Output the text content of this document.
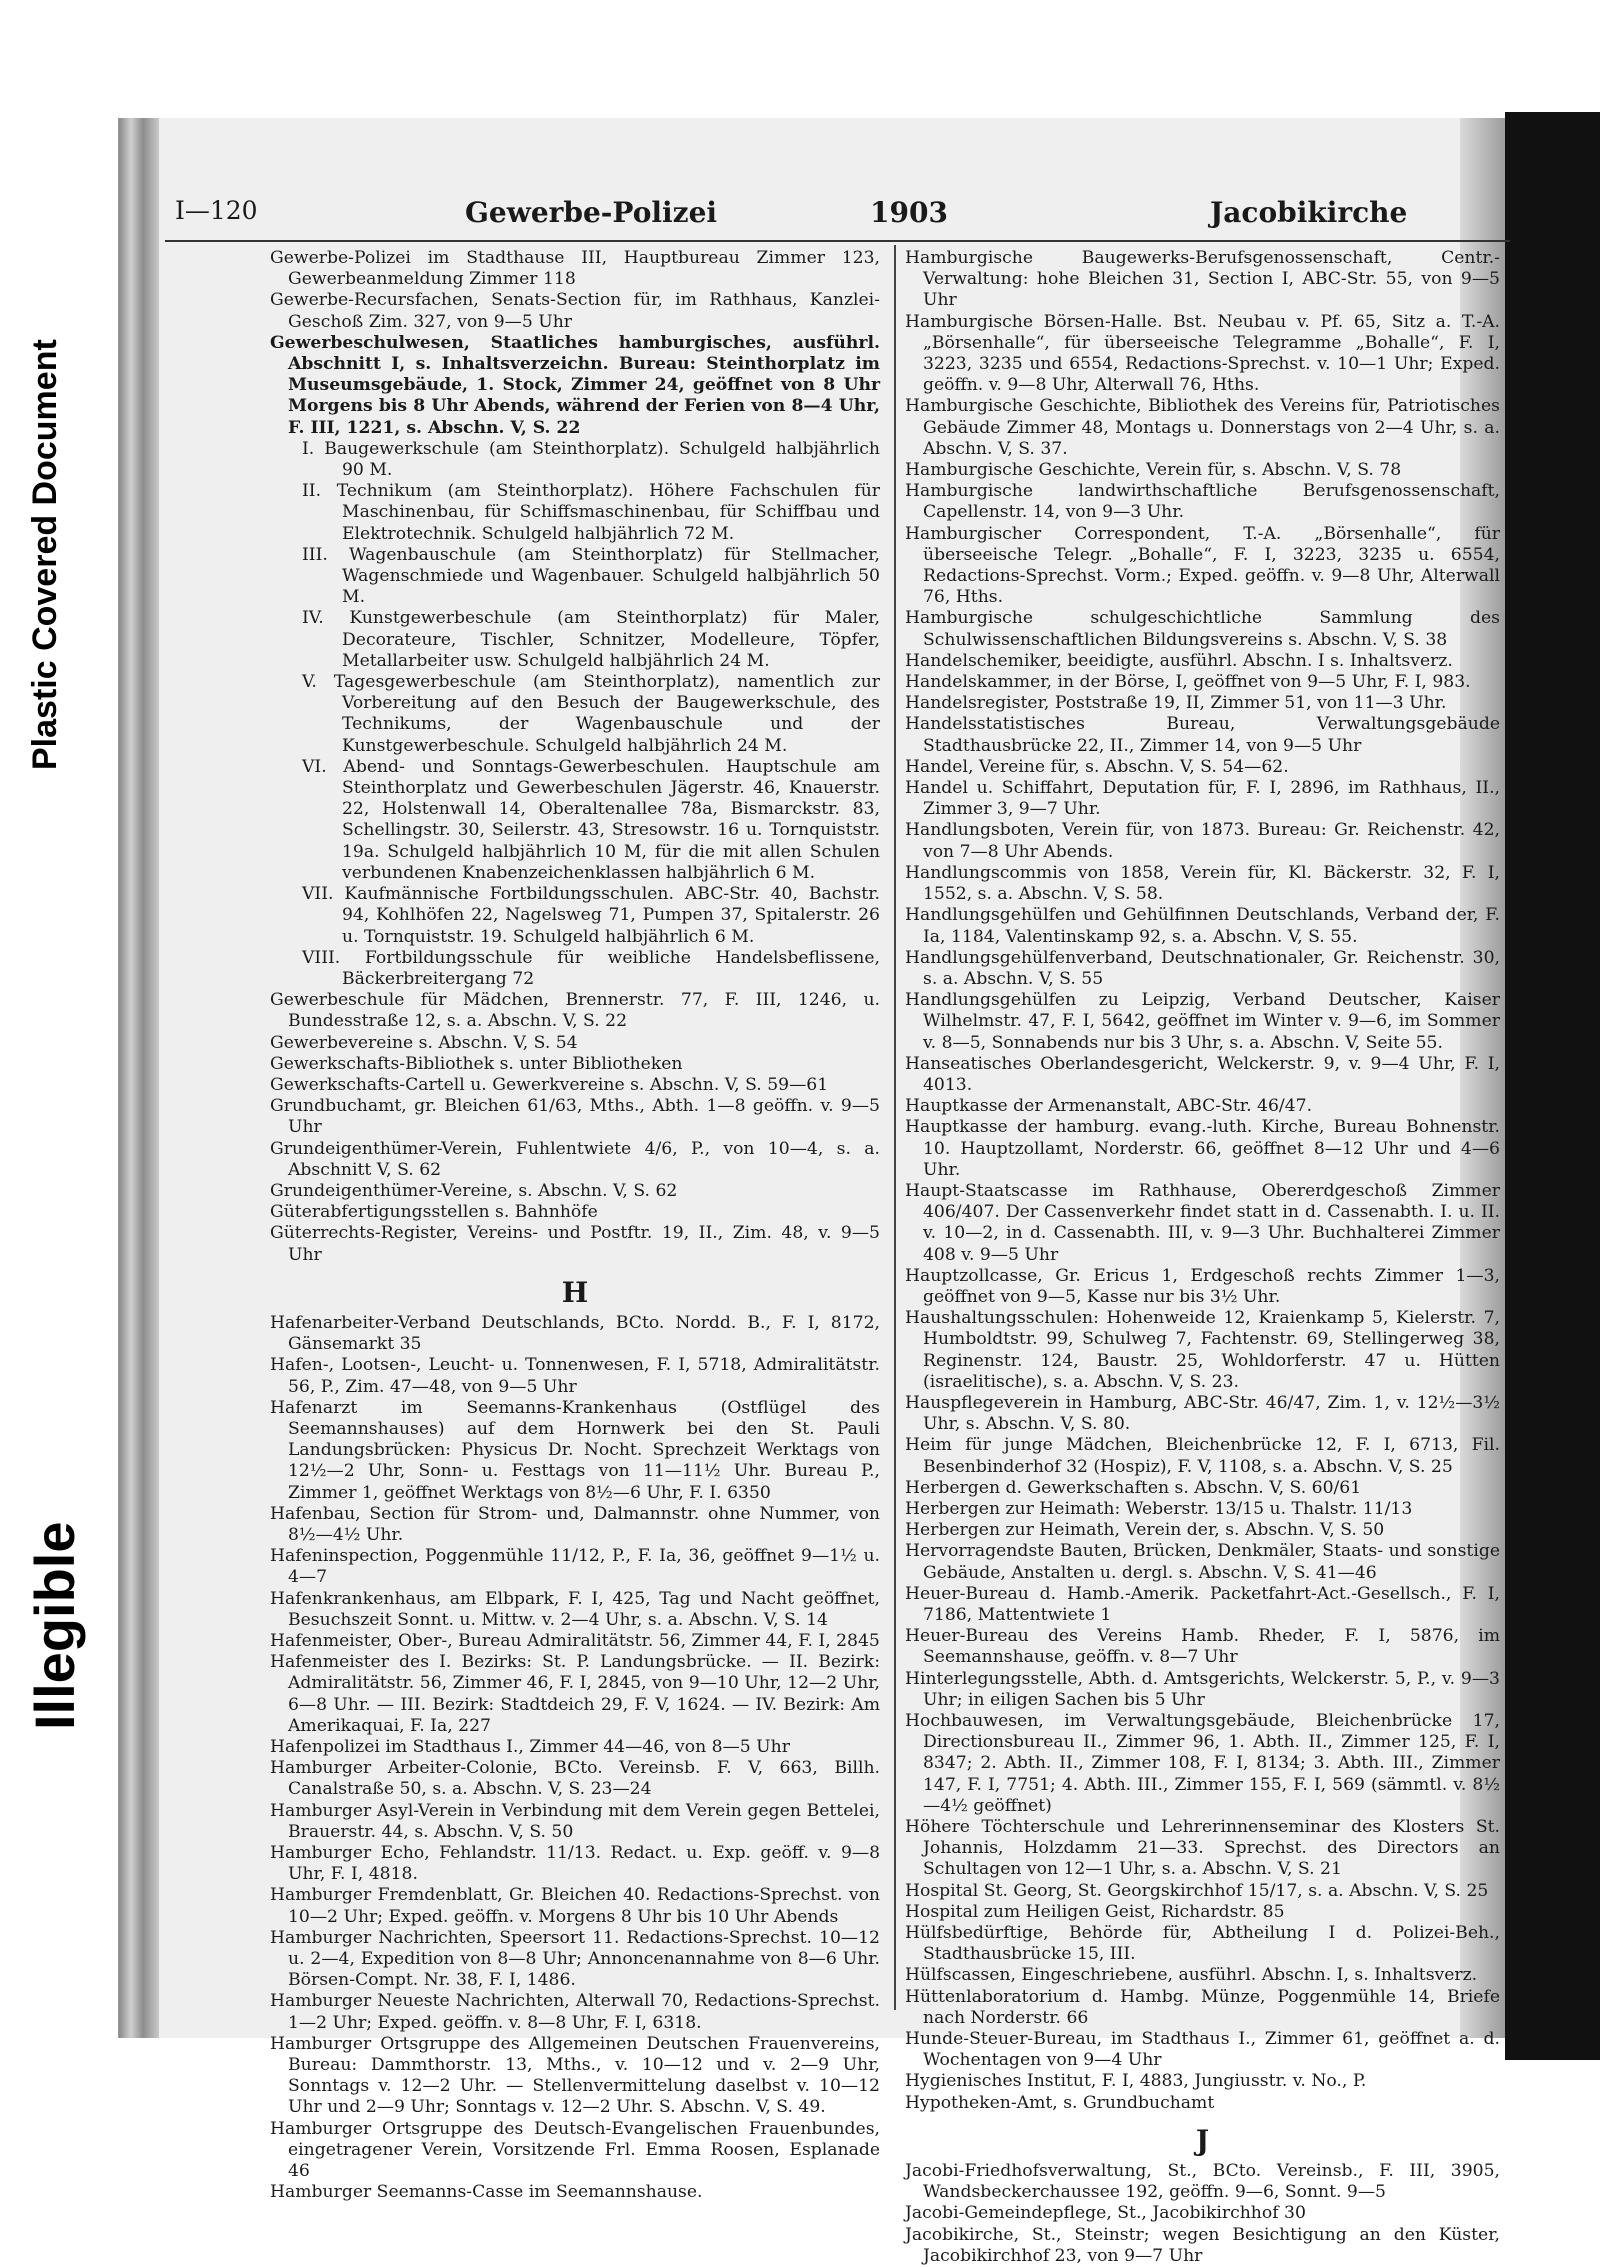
Plastic Covered Document
Illegible
I—120	Gewerbe-Polizei	1903	Jacobikirche

Gewerbe-Polizei im Stadthause III, Hauptbureau Zimmer 123, Gewerbeanmeldung Zimmer 118

Gewerbe-Recursfachen, Senats-Section für, im Rathhaus, Kanzlei-Geschoß Zim. 327, von 9—5 Uhr

Gewerbeschulwesen, Staatliches hamburgisches, ausführl. Abschnitt I, s. Inhaltsverzeichn. Bureau: Steinthorplatz im Museumsgebäude, 1. Stock, Zimmer 24, geöffnet von 8 Uhr Morgens bis 8 Uhr Abends, während der Ferien von 8—4 Uhr, F. III, 1221, s. Abschn. V, S. 22

I. Baugewerkschule (am Steinthorplatz). Schulgeld halbjährlich 90 M.

II. Technikum (am Steinthorplatz). Höhere Fachschulen für Maschinenbau, für Schiffsmaschinenbau, für Schiffbau und Elektrotechnik. Schulgeld halbjährlich 72 M.

III. Wagenbauschule (am Steinthorplatz) für Stellmacher, Wagenschmiede und Wagenbauer. Schulgeld halbjährlich 50 M.

IV. Kunstgewerbeschule (am Steinthorplatz) für Maler, Decorateure, Tischler, Schnitzer, Modelleure, Töpfer, Metallarbeiter usw. Schulgeld halbjährlich 24 M.

V. Tagesgewerbeschule (am Steinthorplatz), namentlich zur Vorbereitung auf den Besuch der Baugewerkschule, des Technikums, der Wagenbauschule und der Kunstgewerbeschule. Schulgeld halbjährlich 24 M.

VI. Abend- und Sonntags-Gewerbeschulen. Hauptschule am Steinthorplatz und Gewerbeschulen Jägerstr. 46, Knauerstr. 22, Holstenwall 14, Oberaltenallee 78a, Bismarckstr. 83, Schellingstr. 30, Seilerstr. 43, Stresowstr. 16 u. Tornquiststr. 19a. Schulgeld halbjährlich 10 M, für die mit allen Schulen verbundenen Knabenzeichenklassen halbjährlich 6 M.

VII. Kaufmännische Fortbildungsschulen. ABC-Str. 40, Bachstr. 94, Kohlhöfen 22, Nagelsweg 71, Pumpen 37, Spitalerstr. 26 u. Tornquiststr. 19. Schulgeld halbjährlich 6 M.

VIII. Fortbildungsschule für weibliche Handelsbeflissene, Bäckerbreitergang 72

Gewerbeschule für Mädchen, Brennerstr. 77, F. III, 1246, u. Bundesstraße 12, s. a. Abschn. V, S. 22

Gewerbevereine s. Abschn. V, S. 54

Gewerkschafts-Bibliothek s. unter Bibliotheken

Gewerkschafts-Cartell u. Gewerkvereine s. Abschn. V, S. 59—61

Grundbuchamt, gr. Bleichen 61/63, Mths., Abth. 1—8 geöffn. v. 9—5 Uhr

Grundeigenthümer-Verein, Fuhlentwiete 4/6, P., von 10—4, s. a. Abschnitt V, S. 62

Grundeigenthümer-Vereine, s. Abschn. V, S. 62

Güterabfertigungsstellen s. Bahnhöfe

Güterrechts-Register, Vereins- und Postftr. 19, II., Zim. 48, v. 9—5 Uhr

H

Hafenarbeiter-Verband Deutschlands, BCto. Nordd. B., F. I, 8172, Gänsemarkt 35

Hafen-, Lootsen-, Leucht- u. Tonnenwesen, F. I, 5718, Admiralitätstr. 56, P., Zim. 47—48, von 9—5 Uhr

Hafenarzt im Seemanns-Krankenhaus (Ostflügel des Seemannshauses) auf dem Hornwerk bei den St. Pauli Landungsbrücken: Physicus Dr. Nocht. Sprechzeit Werktags von 12½—2 Uhr, Sonn- u. Festtags von 11—11½ Uhr. Bureau P., Zimmer 1, geöffnet Werktags von 8½—6 Uhr, F. I. 6350

Hafenbau, Section für Strom- und, Dalmannstr. ohne Nummer, von 8½—4½ Uhr.

Hafeninspection, Poggenmühle 11/12, P., F. Ia, 36, geöffnet 9—1½ u. 4—7

Hafenkrankenhaus, am Elbpark, F. I, 425, Tag und Nacht geöffnet, Besuchszeit Sonnt. u. Mittw. v. 2—4 Uhr, s. a. Abschn. V, S. 14

Hafenmeister, Ober-, Bureau Admiralitätstr. 56, Zimmer 44, F. I, 2845

Hafenmeister des I. Bezirks: St. P. Landungsbrücke. — II. Bezirk: Admiralitätstr. 56, Zimmer 46, F. I, 2845, von 9—10 Uhr, 12—2 Uhr, 6—8 Uhr. — III. Bezirk: Stadtdeich 29, F. V, 1624. — IV. Bezirk: Am Amerikaquai, F. Ia, 227

Hafenpolizei im Stadthaus I., Zimmer 44—46, von 8—5 Uhr

Hamburger Arbeiter-Colonie, BCto. Vereinsb. F. V, 663, Billh. Canalstraße 50, s. a. Abschn. V, S. 23—24

Hamburger Asyl-Verein in Verbindung mit dem Verein gegen Bettelei, Brauerstr. 44, s. Abschn. V, S. 50

Hamburger Echo, Fehlandstr. 11/13. Redact. u. Exp. geöff. v. 9—8 Uhr, F. I, 4818.

Hamburger Fremdenblatt, Gr. Bleichen 40. Redactions-Sprechst. von 10—2 Uhr; Exped. geöffn. v. Morgens 8 Uhr bis 10 Uhr Abends

Hamburger Nachrichten, Speersort 11. Redactions-Sprechst. 10—12 u. 2—4, Expedition von 8—8 Uhr; Annoncenannahme von 8—6 Uhr. Börsen-Compt. Nr. 38, F. I, 1486.

Hamburger Neueste Nachrichten, Alterwall 70, Redactions-Sprechst. 1—2 Uhr; Exped. geöffn. v. 8—8 Uhr, F. I, 6318.

Hamburger Ortsgruppe des Allgemeinen Deutschen Frauenvereins, Bureau: Dammthorstr. 13, Mths., v. 10—12 und v. 2—9 Uhr, Sonntags v. 12—2 Uhr. — Stellenvermittelung daselbst v. 10—12 Uhr und 2—9 Uhr; Sonntags v. 12—2 Uhr. S. Abschn. V, S. 49.

Hamburger Ortsgruppe des Deutsch-Evangelischen Frauenbundes, eingetragener Verein, Vorsitzende Frl. Emma Roosen, Esplanade 46

Hamburger Seemanns-Casse im Seemannshause.

Hamburgische Baugewerks-Berufsgenossenschaft, Centr.-Verwaltung: hohe Bleichen 31, Section I, ABC-Str. 55, von 9—5 Uhr

Hamburgische Börsen-Halle. Bst. Neubau v. Pf. 65, Sitz a. T.-A. „Börsenhalle“, für überseeische Telegramme „Bohalle“, F. I, 3223, 3235 und 6554, Redactions-Sprechst. v. 10—1 Uhr; Exped. geöffn. v. 9—8 Uhr, Alterwall 76, Hths.

Hamburgische Geschichte, Bibliothek des Vereins für, Patriotisches Gebäude Zimmer 48, Montags u. Donnerstags von 2—4 Uhr, s. a. Abschn. V, S. 37.

Hamburgische Geschichte, Verein für, s. Abschn. V, S. 78

Hamburgische landwirthschaftliche Berufsgenossenschaft, Capellenstr. 14, von 9—3 Uhr.

Hamburgischer Correspondent, T.-A. „Börsenhalle“, für überseeische Telegr. „Bohalle“, F. I, 3223, 3235 u. 6554, Redactions-Sprechst. Vorm.; Exped. geöffn. v. 9—8 Uhr, Alterwall 76, Hths.

Hamburgische schulgeschichtliche Sammlung des Schulwissenschaftlichen Bildungsvereins s. Abschn. V, S. 38

Handelschemiker, beeidigte, ausführl. Abschn. I s. Inhaltsverz.

Handelskammer, in der Börse, I, geöffnet von 9—5 Uhr, F. I, 983.

Handelsregister, Poststraße 19, II, Zimmer 51, von 11—3 Uhr.

Handelsstatistisches Bureau, Verwaltungsgebäude Stadthausbrücke 22, II., Zimmer 14, von 9—5 Uhr

Handel, Vereine für, s. Abschn. V, S. 54—62.

Handel u. Schiffahrt, Deputation für, F. I, 2896, im Rathhaus, II., Zimmer 3, 9—7 Uhr.

Handlungsboten, Verein für, von 1873. Bureau: Gr. Reichenstr. 42, von 7—8 Uhr Abends.

Handlungscommis von 1858, Verein für, Kl. Bäckerstr. 32, F. I, 1552, s. a. Abschn. V, S. 58.

Handlungsgehülfen und Gehülfinnen Deutschlands, Verband der, F. Ia, 1184, Valentinskamp 92, s. a. Abschn. V, S. 55.

Handlungsgehülfenverband, Deutschnationaler, Gr. Reichenstr. 30, s. a. Abschn. V, S. 55

Handlungsgehülfen zu Leipzig, Verband Deutscher, Kaiser Wilhelmstr. 47, F. I, 5642, geöffnet im Winter v. 9—6, im Sommer v. 8—5, Sonnabends nur bis 3 Uhr, s. a. Abschn. V, Seite 55.

Hanseatisches Oberlandesgericht, Welckerstr. 9, v. 9—4 Uhr, F. I, 4013.

Hauptkasse der Armenanstalt, ABC-Str. 46/47.

Hauptkasse der hamburg. evang.-luth. Kirche, Bureau Bohnenstr. 10. Hauptzollamt, Norderstr. 66, geöffnet 8—12 Uhr und 4—6 Uhr.

Haupt-Staatscasse im Rathhause, Obererdgeschoß Zimmer 406/407. Der Cassenverkehr findet statt in d. Cassenabth. I. u. II. v. 10—2, in d. Cassenabth. III, v. 9—3 Uhr. Buchhalterei Zimmer 408 v. 9—5 Uhr

Hauptzollcasse, Gr. Ericus 1, Erdgeschoß rechts Zimmer 1—3, geöffnet von 9—5, Kasse nur bis 3½ Uhr.

Haushaltungsschulen: Hohenweide 12, Kraienkamp 5, Kielerstr. 7, Humboldtstr. 99, Schulweg 7, Fachtenstr. 69, Stellingerweg 38, Reginenstr. 124, Baustr. 25, Wohldorferstr. 47 u. Hütten (israelitische), s. a. Abschn. V, S. 23.

Hauspflegeverein in Hamburg, ABC-Str. 46/47, Zim. 1, v. 12½—3½ Uhr, s. Abschn. V, S. 80.

Heim für junge Mädchen, Bleichenbrücke 12, F. I, 6713, Fil. Besenbinderhof 32 (Hospiz), F. V, 1108, s. a. Abschn. V, S. 25

Herbergen d. Gewerkschaften s. Abschn. V, S. 60/61

Herbergen zur Heimath: Weberstr. 13/15 u. Thalstr. 11/13

Herbergen zur Heimath, Verein der, s. Abschn. V, S. 50

Hervorragendste Bauten, Brücken, Denkmäler, Staats- und sonstige Gebäude, Anstalten u. dergl. s. Abschn. V, S. 41—46

Heuer-Bureau d. Hamb.-Amerik. Packetfahrt-Act.-Gesellsch., F. I, 7186, Mattentwiete 1

Heuer-Bureau des Vereins Hamb. Rheder, F. I, 5876, im Seemannshause, geöffn. v. 8—7 Uhr

Hinterlegungsstelle, Abth. d. Amtsgerichts, Welckerstr. 5, P., v. 9—3 Uhr; in eiligen Sachen bis 5 Uhr

Hochbauwesen, im Verwaltungsgebäude, Bleichenbrücke 17, Directionsbureau II., Zimmer 96, 1. Abth. II., Zimmer 125, F. I, 8347; 2. Abth. II., Zimmer 108, F. I, 8134; 3. Abth. III., Zimmer 147, F. I, 7751; 4. Abth. III., Zimmer 155, F. I, 569 (sämmtl. v. 8½—4½ geöffnet)

Höhere Töchterschule und Lehrerinnenseminar des Klosters St. Johannis, Holzdamm 21—33. Sprechst. des Directors an Schultagen von 12—1 Uhr, s. a. Abschn. V, S. 21

Hospital St. Georg, St. Georgskirchhof 15/17, s. a. Abschn. V, S. 25

Hospital zum Heiligen Geist, Richardstr. 85

Hülfsbedürftige, Behörde für, Abtheilung I d. Polizei-Beh., Stadthausbrücke 15, III.

Hülfscassen, Eingeschriebene, ausführl. Abschn. I, s. Inhaltsverz.

Hüttenlaboratorium d. Hambg. Münze, Poggenmühle 14, Briefe nach Norderstr. 66

Hunde-Steuer-Bureau, im Stadthaus I., Zimmer 61, geöffnet a. d. Wochentagen von 9—4 Uhr

Hygienisches Institut, F. I, 4883, Jungiusstr. v. No., P.

Hypotheken-Amt, s. Grundbuchamt

J

Jacobi-Friedhofsverwaltung, St., BCto. Vereinsb., F. III, 3905, Wandsbeckerchaussee 192, geöffn. 9—6, Sonnt. 9—5

Jacobi-Gemeindepflege, St., Jacobikirchhof 30

Jacobikirche, St., Steinstr; wegen Besichtigung an den Küster, Jacobikirchhof 23, von 9—7 Uhr
